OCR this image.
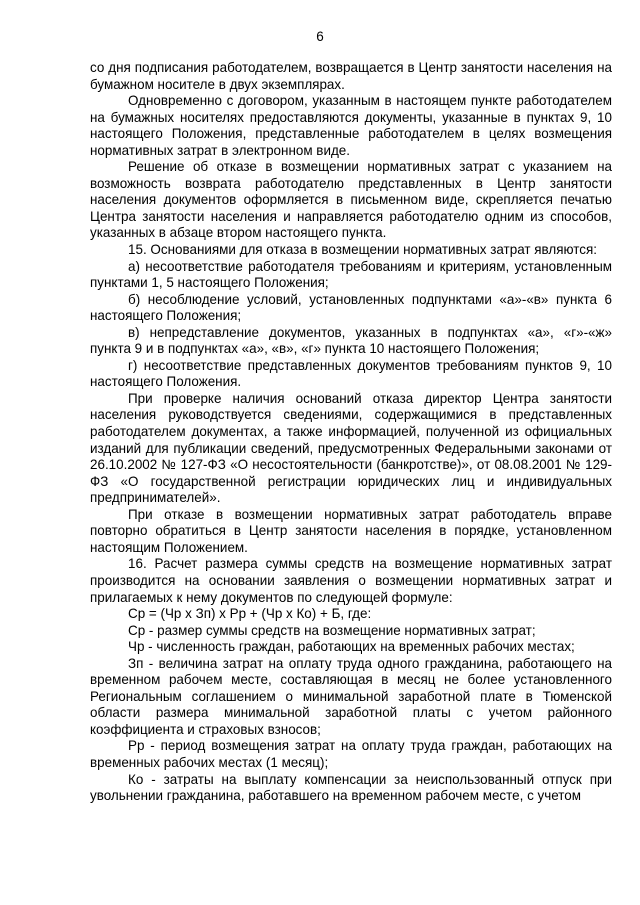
6

со дня подписания работодателем, возвращается в Центр занятости населения на бумажном носителе в двух экземплярах.

Одновременно с договором, указанным в настоящем пункте работодателем на бумажных носителях предоставляются документы, указанные в пунктах 9, 10 настоящего Положения, представленные работодателем в целях возмещения нормативных затрат в электронном виде.

Решение об отказе в возмещении нормативных затрат с указанием на возможность возврата работодателю представленных в Центр занятости населения документов оформляется в письменном виде, скрепляется печатью Центра занятости населения и направляется работодателю одним из способов, указанных в абзаце втором настоящего пункта.

15. Основаниями для отказа в возмещении нормативных затрат являются:

а) несоответствие работодателя требованиям и критериям, установленным пунктами 1, 5 настоящего Положения;

б) несоблюдение условий, установленных подпунктами «а»-«в» пункта 6 настоящего Положения;

в) непредставление документов, указанных в подпунктах «а», «г»-«ж» пункта 9 и в подпунктах «а», «в», «г» пункта 10 настоящего Положения;

г) несоответствие представленных документов требованиям пунктов 9, 10 настоящего Положения.

При проверке наличия оснований отказа директор Центра занятости населения руководствуется сведениями, содержащимися в представленных работодателем документах, а также информацией, полученной из официальных изданий для публикации сведений, предусмотренных Федеральными законами от 26.10.2002 № 127-ФЗ «О несостоятельности (банкротстве)», от 08.08.2001 № 129-ФЗ «О государственной регистрации юридических лиц и индивидуальных предпринимателей».

При отказе в возмещении нормативных затрат работодатель вправе повторно обратиться в Центр занятости населения в порядке, установленном настоящим Положением.

16. Расчет размера суммы средств на возмещение нормативных затрат производится на основании заявления о возмещении нормативных затрат и прилагаемых к нему документов по следующей формуле:

Ср = (Чр х Зп) х Рр + (Чр х Ко) + Б, где:

Ср - размер суммы средств на возмещение нормативных затрат;

Чр - численность граждан, работающих на временных рабочих местах;

Зп - величина затрат на оплату труда одного гражданина, работающего на временном рабочем месте, составляющая в месяц не более установленного Региональным соглашением о минимальной заработной плате в Тюменской области размера минимальной заработной платы с учетом районного коэффициента и страховых взносов;

Рр - период возмещения затрат на оплату труда граждан, работающих на временных рабочих местах (1 месяц);

Ко - затраты на выплату компенсации за неиспользованный отпуск при увольнении гражданина, работавшего на временном рабочем месте, с учетом
